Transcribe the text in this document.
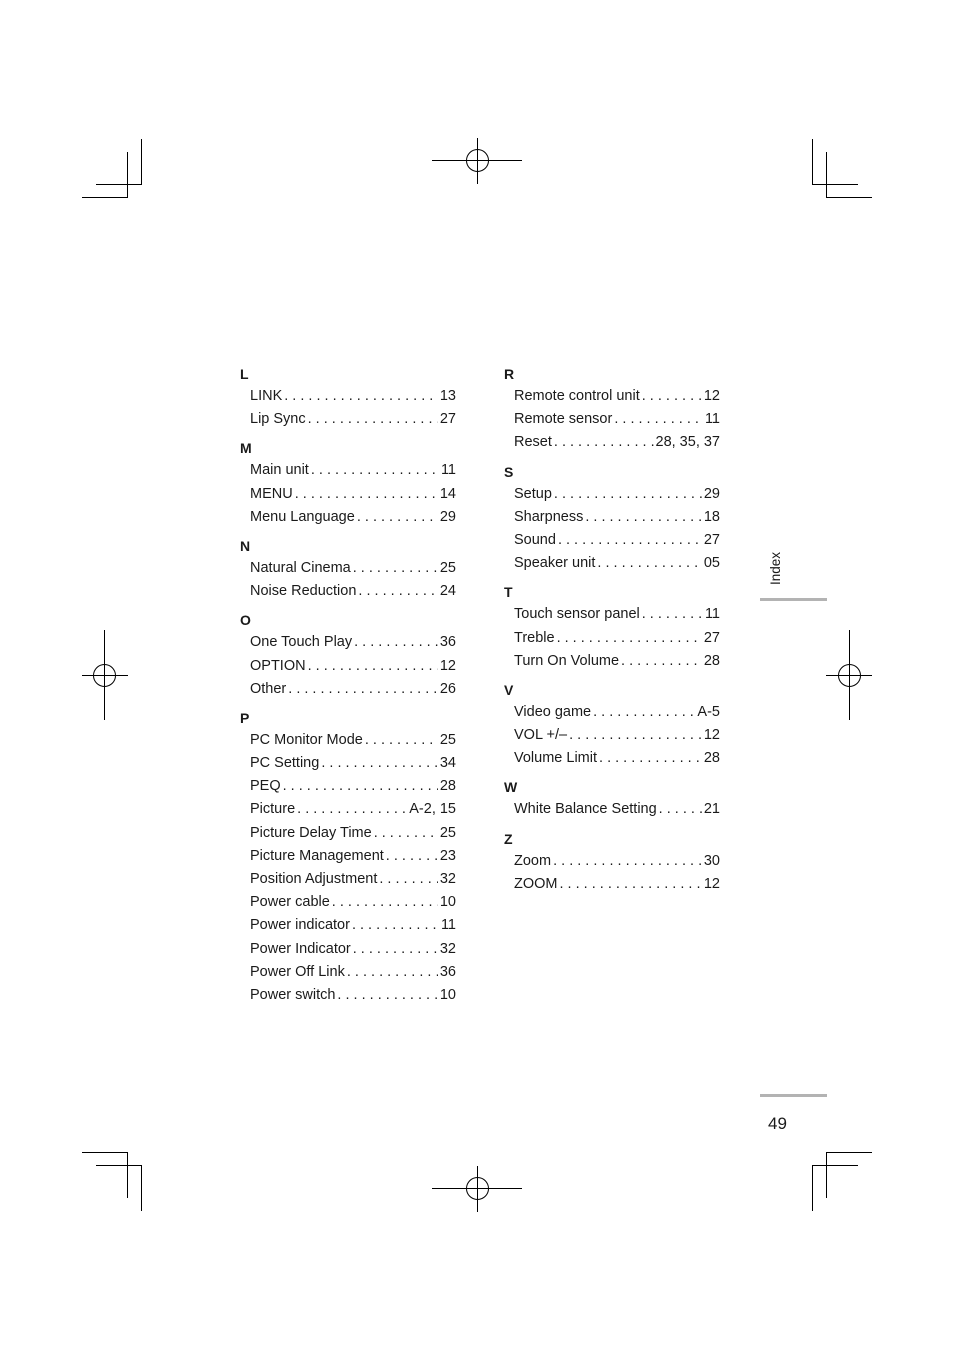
L
LINK . . .	13
Lip Sync . . .	27
M
Main unit . . .	11
MENU . . .	14
Menu Language . . .	29
N
Natural Cinema . . .	25
Noise Reduction . . .	24
O
One Touch Play . . .	36
OPTION . . .	12
Other . . .	26
P
PC Monitor Mode . . .	25
PC Setting . . .	34
PEQ . . .	28
Picture . . .	A-2, 15
Picture Delay Time . . .	25
Picture Management . . .	23
Position Adjustment . . .	32
Power cable . . .	10
Power indicator . . .	11
Power Indicator . . .	32
Power Off Link . . .	36
Power switch . . .	10
R
Remote control unit . . .	12
Remote sensor . . .	11
Reset . . .	28, 35, 37
S
Setup . . .	29
Sharpness . . .	18
Sound . . .	27
Speaker unit . . .	05
T
Touch sensor panel . . .	11
Treble . . .	27
Turn On Volume . . .	28
V
Video game . . .	A-5
VOL +/– . . .	12
Volume Limit . . .	28
W
White Balance Setting . . .	21
Z
Zoom . . .	30
ZOOM . . .	12
Index
49
